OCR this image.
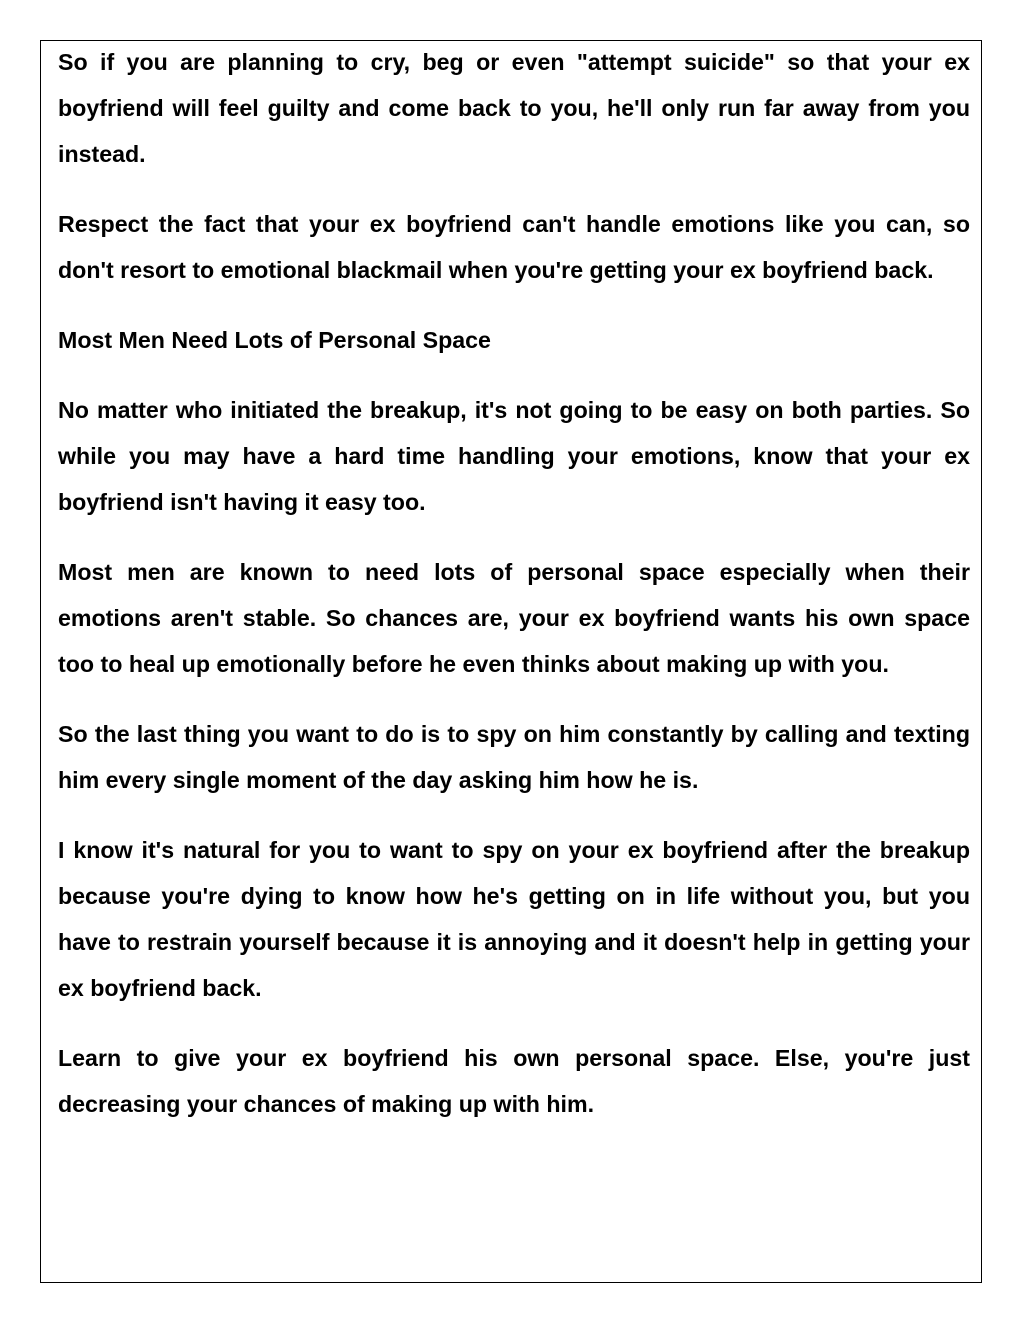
So if you are planning to cry, beg or even "attempt suicide" so that your ex boyfriend will feel guilty and come back to you, he'll only run far away from you instead.

Respect the fact that your ex boyfriend can't handle emotions like you can, so don't resort to emotional blackmail when you're getting your ex boyfriend back.

Most Men Need Lots of Personal Space

No matter who initiated the breakup, it's not going to be easy on both parties. So while you may have a hard time handling your emotions, know that your ex boyfriend isn't having it easy too.

Most men are known to need lots of personal space especially when their emotions aren't stable. So chances are, your ex boyfriend wants his own space too to heal up emotionally before he even thinks about making up with you.

So the last thing you want to do is to spy on him constantly by calling and texting him every single moment of the day asking him how he is.

I know it's natural for you to want to spy on your ex boyfriend after the breakup because you're dying to know how he's getting on in life without you, but you have to restrain yourself because it is annoying and it doesn't help in getting your ex boyfriend back.

Learn to give your ex boyfriend his own personal space. Else, you're just decreasing your chances of making up with him.
